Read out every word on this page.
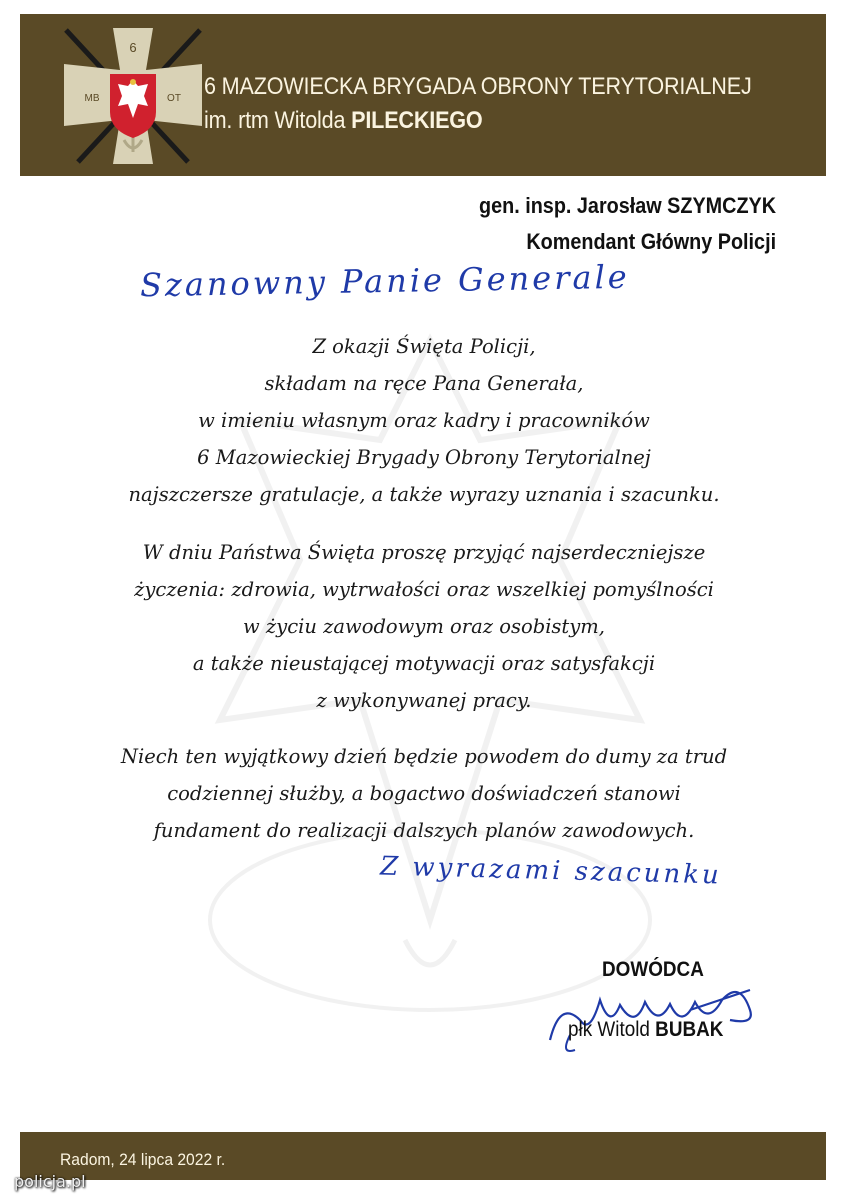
6
MB	OT 6 MAZOWIECKA BRYGADA OBRONY TERYTORIALNEJ
im. rtm Witolda PILECKIEGO
gen. insp. Jarosław SZYMCZYK
Komendant Główny Policji
Szanowny Panie Generale
Z okazji Święta Policji,
składam na ręce Pana Generała,
w imieniu własnym oraz kadry i pracowników
6 Mazowieckiej Brygady Obrony Terytorialnej
najszczersze gratulacje, a także wyrazy uznania i szacunku.
W dniu Państwa Święta proszę przyjąć najserdeczniejsze
życzenia: zdrowia, wytrwałości oraz wszelkiej pomyślności
w życiu zawodowym oraz osobistym,
a także nieustającej motywacji oraz satysfakcji
z wykonywanej pracy.
Niech ten wyjątkowy dzień będzie powodem do dumy za trud
codziennej służby, a bogactwo doświadczeń stanowi
fundament do realizacji dalszych planów zawodowych.
Z wyrazami szacunku
DOWÓDCA
płk Witold BUBAK
Radom, 24 lipca 2022 r.
policja.pl
